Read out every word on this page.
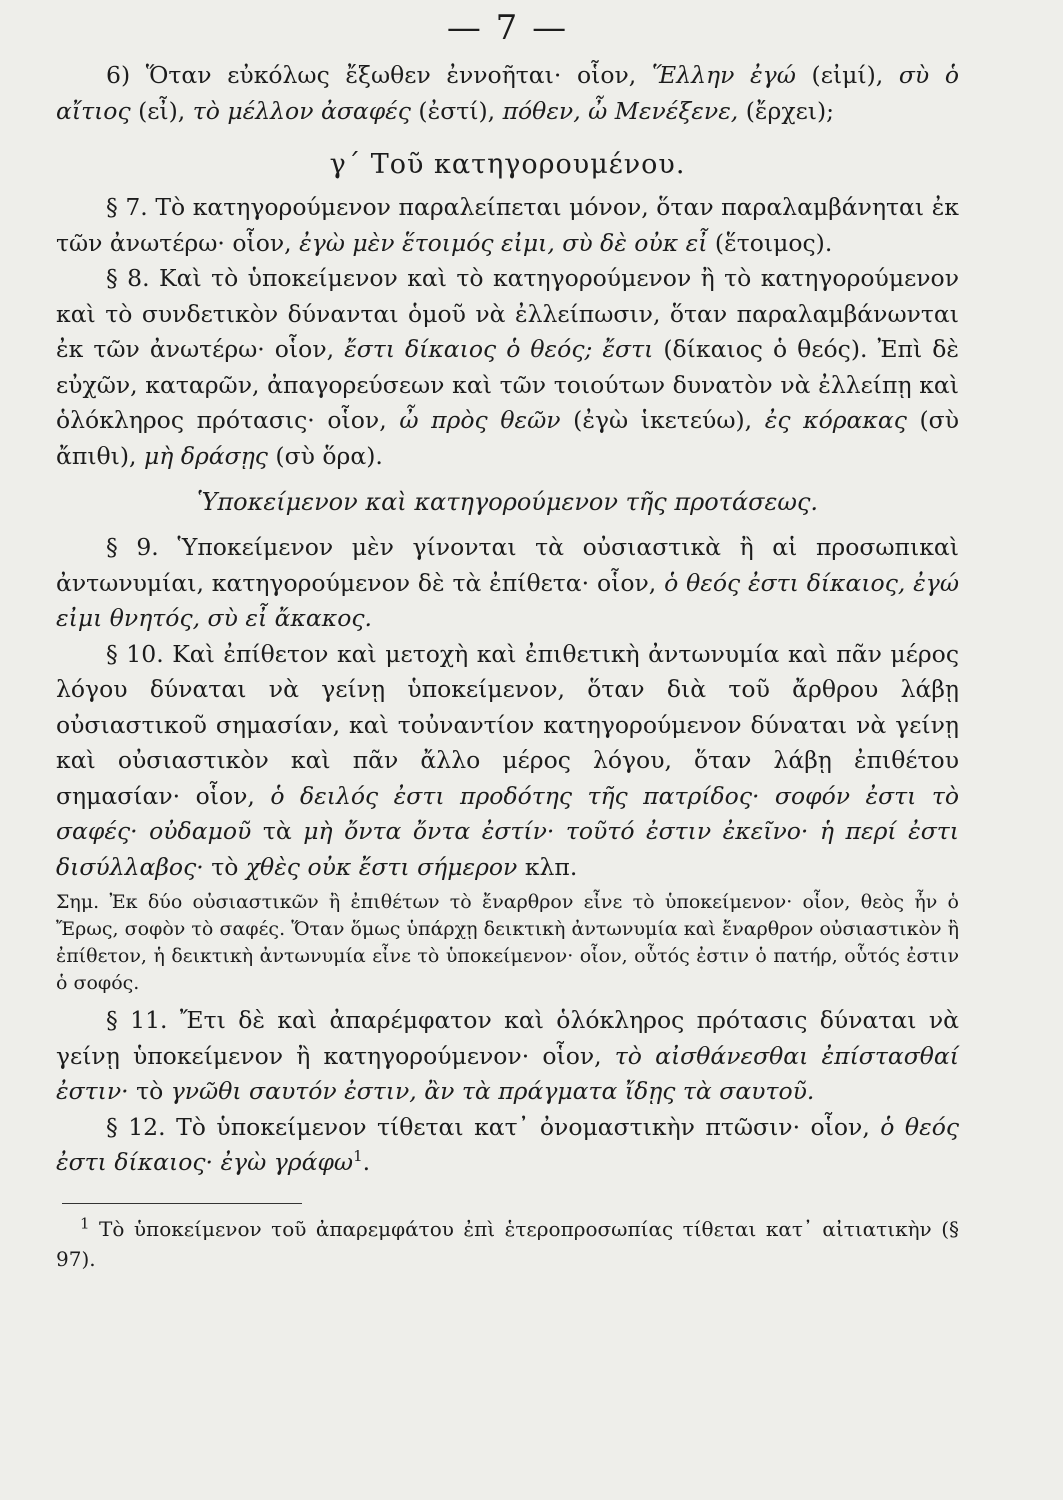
— 7 —

6) Ὅταν εὐκόλως ἔξωθεν ἐννοῆται· οἷον, Ἕλλην ἐγώ (εἰμί), σὺ ὁ αἴτιος (εἶ), τὸ μέλλον ἀσαφές (ἐστί), πόθεν, ὦ Μενέξενε, (ἔρχει);

γ΄ Τοῦ κατηγορουμένου.

§ 7. Τὸ κατηγορούμενον παραλείπεται μόνον, ὅταν παραλαμβάνηται ἐκ τῶν ἀνωτέρω· οἷον, ἐγὼ μὲν ἕτοιμός εἰμι, σὺ δὲ οὐκ εἶ (ἕτοιμος).

§ 8. Καὶ τὸ ὑποκείμενον καὶ τὸ κατηγορούμενον ἢ τὸ κατηγορούμενον καὶ τὸ συνδετικὸν δύνανται ὁμοῦ νὰ ἐλλείπωσιν, ὅταν παραλαμβάνωνται ἐκ τῶν ἀνωτέρω· οἷον, ἔστι δίκαιος ὁ θεός; ἔστι (δίκαιος ὁ θεός). Ἐπὶ δὲ εὐχῶν, καταρῶν, ἀπαγορεύσεων καὶ τῶν τοιούτων δυνατὸν νὰ ἐλλείπῃ καὶ ὁλόκληρος πρότασις· οἷον, ὦ πρὸς θεῶν (ἐγὼ ἱκετεύω), ἐς κόρακας (σὺ ἄπιθι), μὴ δράσῃς (σὺ ὅρα).

Ὑποκείμενον καὶ κατηγορούμενον τῆς προτάσεως.

§ 9. Ὑποκείμενον μὲν γίνονται τὰ οὐσιαστικὰ ἢ αἱ προσωπικαὶ ἀντωνυμίαι, κατηγορούμενον δὲ τὰ ἐπίθετα· οἷον, ὁ θεός ἐστι δίκαιος, ἐγώ εἰμι θνητός, σὺ εἶ ἄκακος.

§ 10. Καὶ ἐπίθετον καὶ μετοχὴ καὶ ἐπιθετικὴ ἀντωνυμία καὶ πᾶν μέρος λόγου δύναται νὰ γείνῃ ὑποκείμενον, ὅταν διὰ τοῦ ἄρθρου λάβῃ οὐσιαστικοῦ σημασίαν, καὶ τοὐναντίον κατηγορούμενον δύναται νὰ γείνῃ καὶ οὐσιαστικὸν καὶ πᾶν ἄλλο μέρος λόγου, ὅταν λάβῃ ἐπιθέτου σημασίαν· οἷον, ὁ δειλός ἐστι προδότης τῆς πατρίδος· σοφόν ἐστι τὸ σαφές· οὐδαμοῦ τὰ μὴ ὄντα ὄντα ἐστίν· τοῦτό ἐστιν ἐκεῖνο· ἡ περί ἐστι δισύλλαβος· τὸ χθὲς οὐκ ἔστι σήμερον κλπ.

Σημ. Ἐκ δύο οὐσιαστικῶν ἢ ἐπιθέτων τὸ ἔναρθρον εἶνε τὸ ὑποκείμενον· οἷον, θεὸς ἦν ὁ Ἔρως, σοφὸν τὸ σαφές. Ὅταν ὅμως ὑπάρχῃ δεικτικὴ ἀντωνυμία καὶ ἔναρθρον οὐσιαστικὸν ἢ ἐπίθετον, ἡ δεικτικὴ ἀντωνυμία εἶνε τὸ ὑποκείμενον· οἷον, οὗτός ἐστιν ὁ πατήρ, οὗτός ἐστιν ὁ σοφός.

§ 11. Ἔτι δὲ καὶ ἀπαρέμφατον καὶ ὁλόκληρος πρότασις δύναται νὰ γείνῃ ὑποκείμενον ἢ κατηγορούμενον· οἷον, τὸ αἰσθάνεσθαι ἐπίστασθαί ἐστιν· τὸ γνῶθι σαυτόν ἐστιν, ἂν τὰ πράγματα ἴδῃς τὰ σαυτοῦ.

§ 12. Τὸ ὑποκείμενον τίθεται κατ᾽ ὀνομαστικὴν πτῶσιν· οἷον, ὁ θεός ἐστι δίκαιος· ἐγὼ γράφω$^1$.

$^1$ Τὸ ὑποκείμενον τοῦ ἀπαρεμφάτου ἐπὶ ἑτεροπροσωπίας τίθεται κατ᾽ αἰτιατικὴν (§ 97).
